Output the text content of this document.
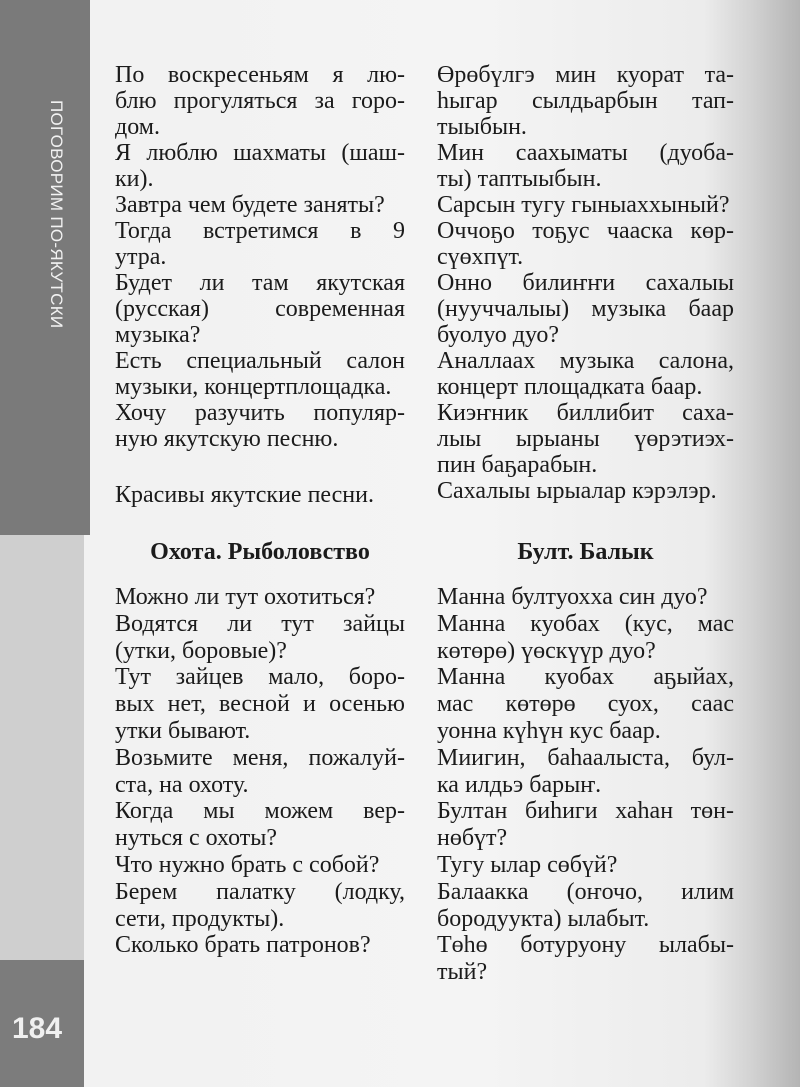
ПОГОВОРИМ ПО-ЯКУТСКИ
184
По воскресеньям я лю-
блю прогуляться за горо-
дом.
Я люблю шахматы (шаш-
ки).
Завтра чем будете заняты?
Тогда встретимся в 9
утра.
Будет ли там якутская
(русская) современная
музыка?
Есть специальный салон
музыки, концертплощадка.
Хочу разучить популяр-
ную якутскую песню.
Красивы якутские песни.
Өрөбүлгэ мин куорат та-
һыгар сылдьарбын тап-
тыыбын.
Мин саахыматы (дуоба-
ты) таптыыбын.
Сарсын тугу гыныаххыный?
Оччоҕо тоҕус чааска көр-
сүөхпүт.
Онно билиҥҥи сахалыы
(нууччалыы) музыка баар
буолуо дуо?
Аналлаах музыка салона,
концерт площадката баар.
Киэҥник биллибит саха-
лыы ырыаны үөрэтиэх-
пин баҕарабын.
Сахалыы ырыалар кэрэлэр.
Охота. Рыболовство	Булт. Балык
Можно ли тут охотиться?
Водятся ли тут зайцы
(утки, боровые)?
Тут зайцев мало, боро-
вых нет, весной и осенью
утки бывают.
Возьмите меня, пожалуй-
ста, на охоту.
Когда мы можем вер-
нуться с охоты?
Что нужно брать с собой?
Берем палатку (лодку,
сети, продукты).
Сколько брать патронов?
Манна бултуохха син дуо?
Манна куобах (кус, мас
көтөрө) үөскүүр дуо?
Манна куобах аҕыйах,
мас көтөрө суох, саас
уонна күһүн кус баар.
Миигин, баһаалыста, бул-
ка илдьэ барыҥ.
Бултан биһиги хаһан төн-
нөбүт?
Тугу ылар сөбүй?
Балаакка (оҥочо, илим
бородуукта) ылабыт.
Төһө ботуруону ылабы-
тый?
